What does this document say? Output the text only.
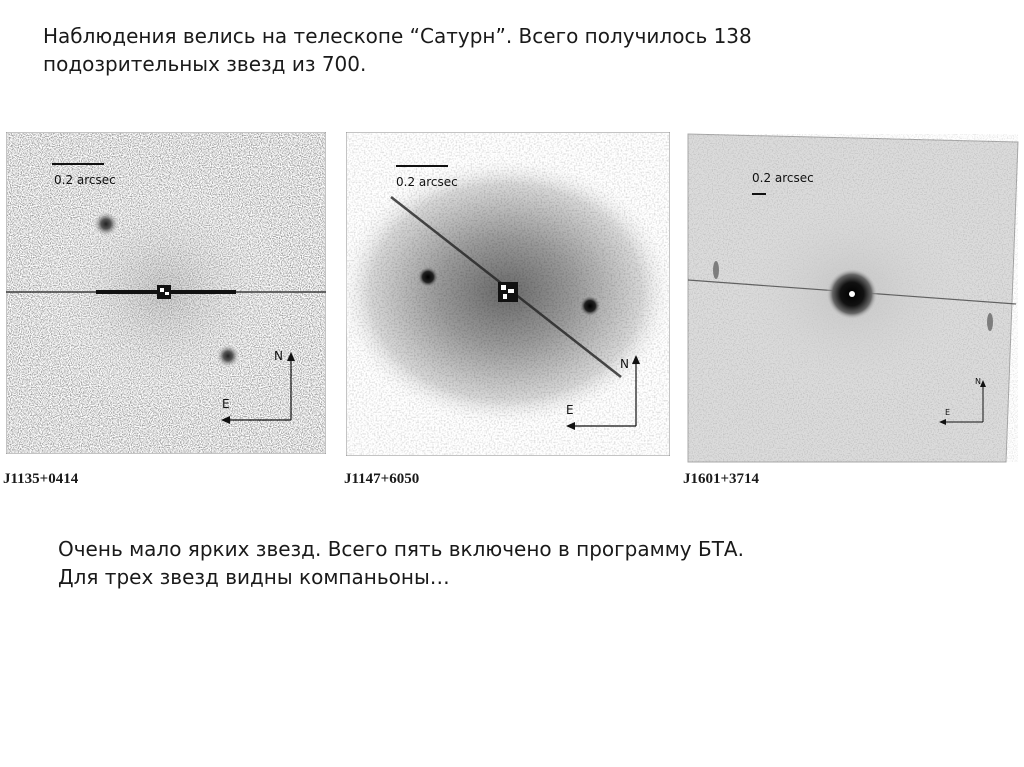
Наблюдения велись на телескопе “Сатурн”. Всего получилось 138
подозрительных звезд из 700.
0.2 arcsec
N
E
J1135+0414
0.2 arcsec
N
E
J1147+6050
0.2 arcsec
N
E
J1601+3714
Очень мало ярких звезд. Всего пять включено в программу БТА.
Для трех звезд видны компаньоны…
